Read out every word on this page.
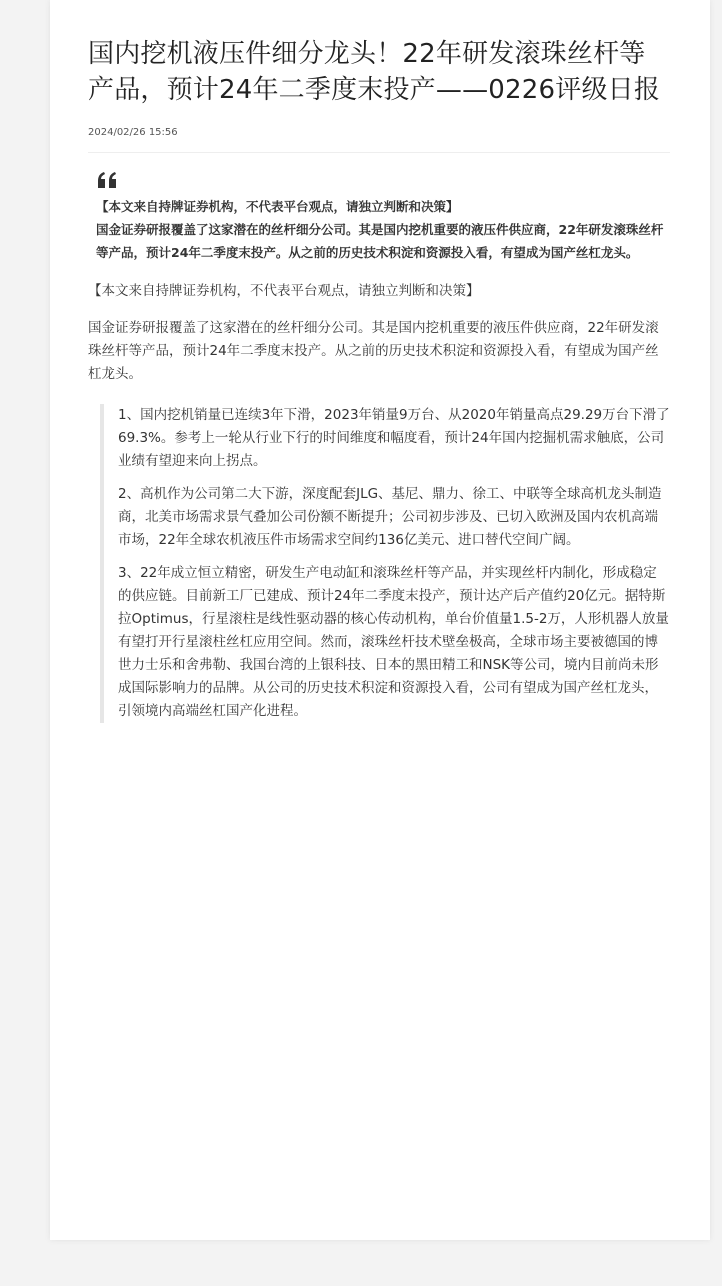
国内挖机液压件细分龙头！22年研发滚珠丝杆等产品，预计24年二季度末投产——0226评级日报
2024/02/26 15:56

【本文来自持牌证券机构，不代表平台观点，请独立判断和决策】

国金证券研报覆盖了这家潜在的丝杆细分公司。其是国内挖机重要的液压件供应商，22年研发滚珠丝杆等产品，预计24年二季度末投产。从之前的历史技术积淀和资源投入看，有望成为国产丝杠龙头。

【本文来自持牌证券机构，不代表平台观点，请独立判断和决策】

国金证券研报覆盖了这家潜在的丝杆细分公司。其是国内挖机重要的液压件供应商，22年研发滚珠丝杆等产品，预计24年二季度末投产。从之前的历史技术积淀和资源投入看，有望成为国产丝杠龙头。

1、国内挖机销量已连续3年下滑，2023年销量9万台、从2020年销量高点29.29万台下滑了69.3%。参考上一轮从行业下行的时间维度和幅度看，预计24年国内挖掘机需求触底，公司业绩有望迎来向上拐点。

2、高机作为公司第二大下游，深度配套JLG、基尼、鼎力、徐工、中联等全球高机龙头制造商，北美市场需求景气叠加公司份额不断提升；公司初步涉及、已切入欧洲及国内农机高端市场，22年全球农机液压件市场需求空间约136亿美元、进口替代空间广阔。

3、22年成立恒立精密，研发生产电动缸和滚珠丝杆等产品，并实现丝杆内制化，形成稳定的供应链。目前新工厂已建成、预计24年二季度末投产，预计达产后产值约20亿元。据特斯拉Optimus，行星滚柱是线性驱动器的核心传动机构，单台价值量1.5-2万，人形机器人放量有望打开行星滚柱丝杠应用空间。然而，滚珠丝杆技术壁垒极高，全球市场主要被德国的博世力士乐和舍弗勒、我国台湾的上银科技、日本的黑田精工和NSK等公司，境内目前尚未形成国际影响力的品牌。从公司的历史技术积淀和资源投入看，公司有望成为国产丝杠龙头，引领境内高端丝杠国产化进程。
